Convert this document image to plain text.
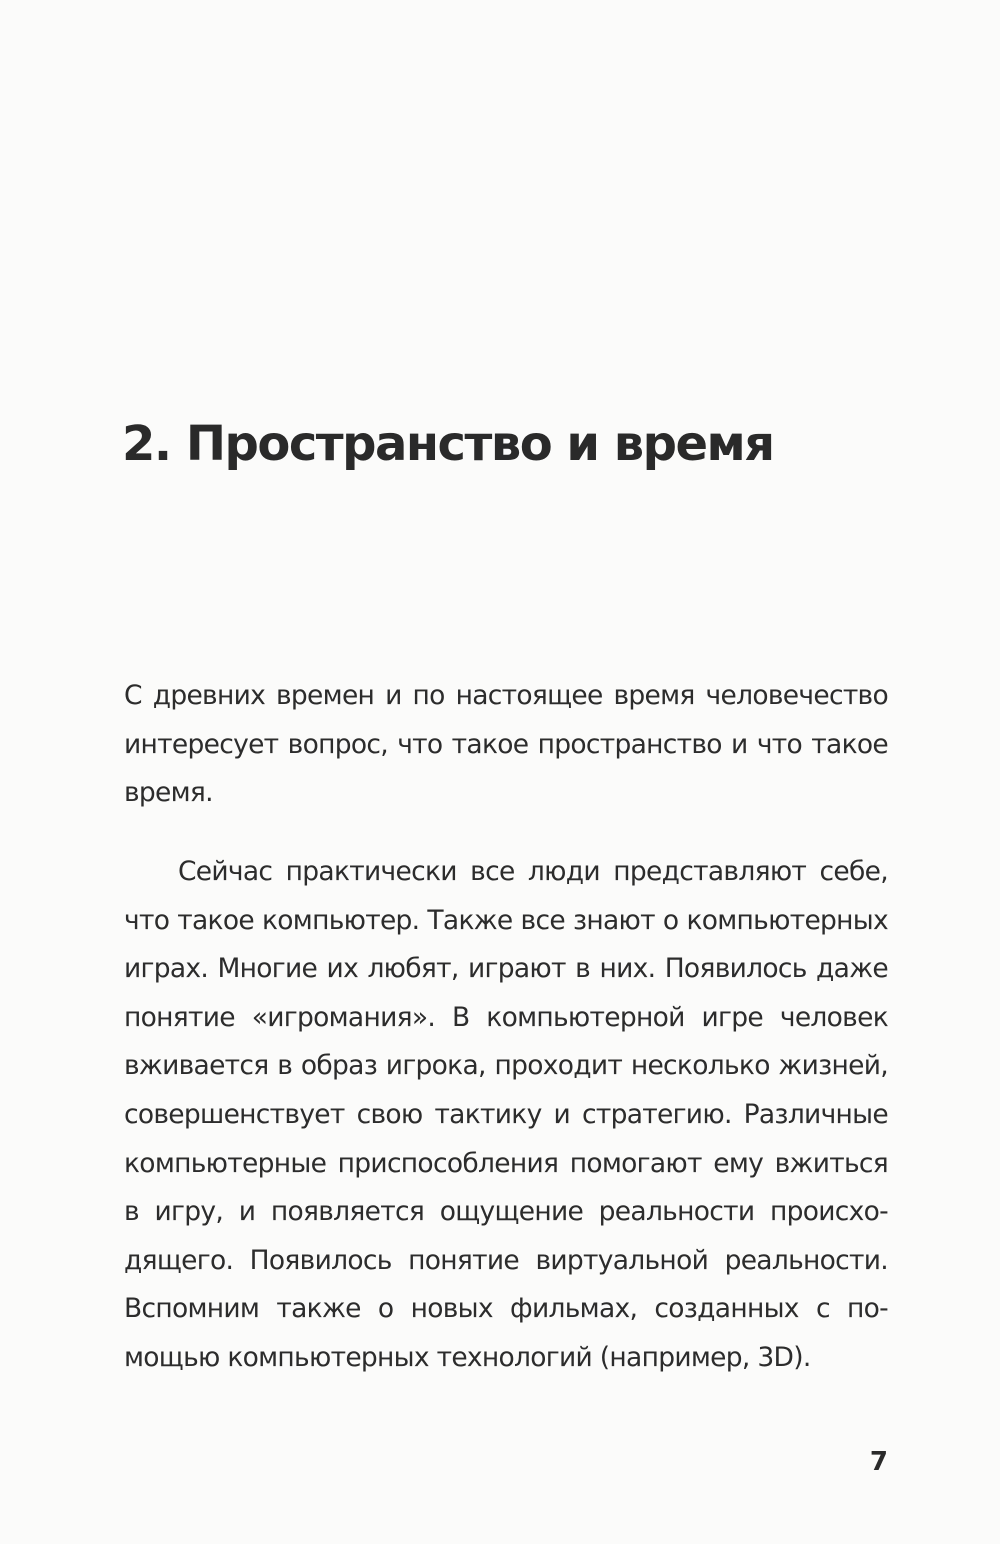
2. Пространство и время
С древних времен и по настоящее время человечество
интересует вопрос, что такое пространство и что такое
время.
Сейчас практически все люди представляют себе,
что такое компьютер. Также все знают о компьютерных
играх. Многие их любят, играют в них. Появилось даже
понятие «игромания». В компьютерной игре человек
вживается в образ игрока, проходит несколько жизней,
совершенствует свою тактику и стратегию. Различные
компьютерные приспособления помогают ему вжиться
в игру, и появляется ощущение реальности происхо-
дящего. Появилось понятие виртуальной реальности.
Вспомним также о новых фильмах, созданных с по-
мощью компьютерных технологий (например, 3D).
7
